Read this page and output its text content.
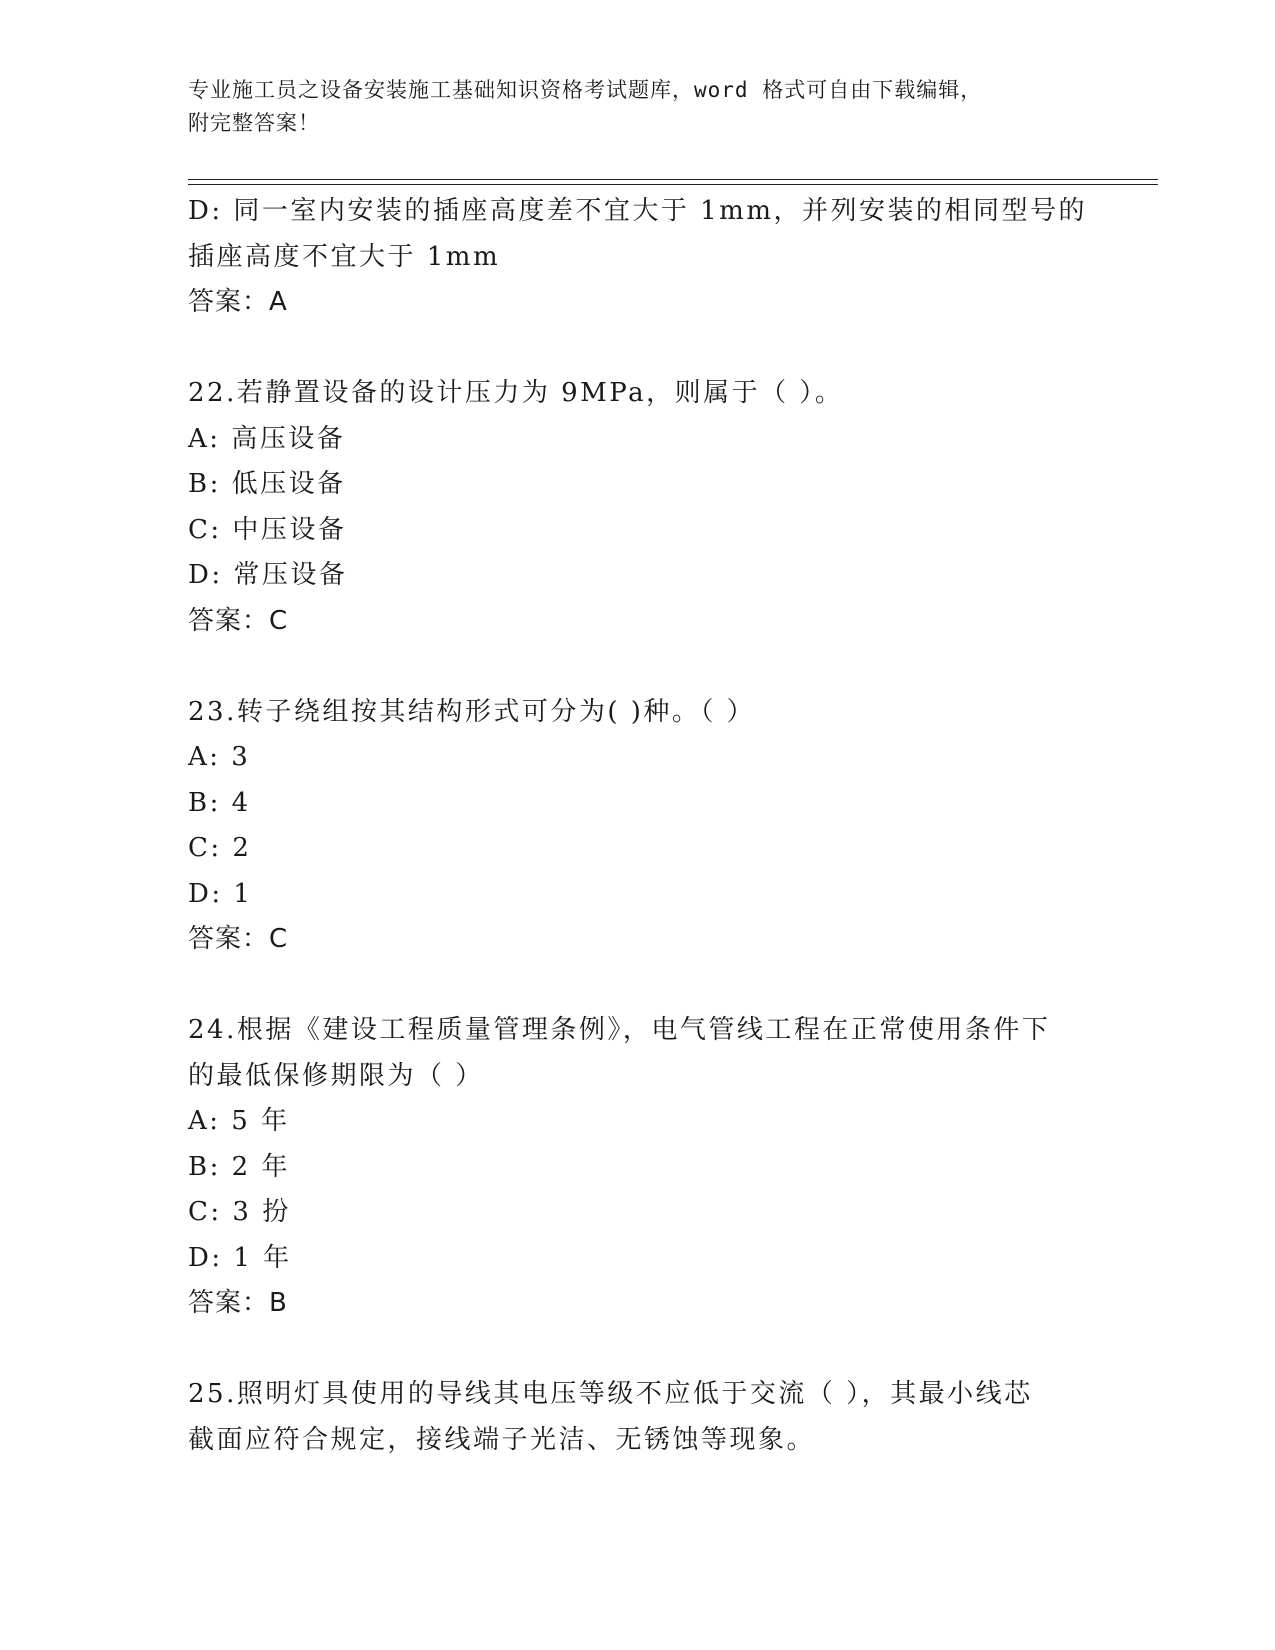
专业施工员之设备安装施工基础知识资格考试题库，word 格式可自由下载编辑，
附完整答案！
D: 同一室内安装的插座高度差不宜大于 1mm，并列安装的相同型号的
插座高度不宜大于 1mm
答案：A
22.若静置设备的设计压力为 9MPa，则属于（ ）。
A: 高压设备
B: 低压设备
C: 中压设备
D: 常压设备
答案：C
23.转子绕组按其结构形式可分为( )种。（ ）
A: 3
B: 4
C: 2
D: 1
答案：C
24.根据《建设工程质量管理条例》，电气管线工程在正常使用条件下
的最低保修期限为（ ）
A: 5 年
B: 2 年
C: 3 扮
D: 1 年
答案：B
25.照明灯具使用的导线其电压等级不应低于交流（ ），其最小线芯
截面应符合规定，接线端子光洁、无锈蚀等现象。
